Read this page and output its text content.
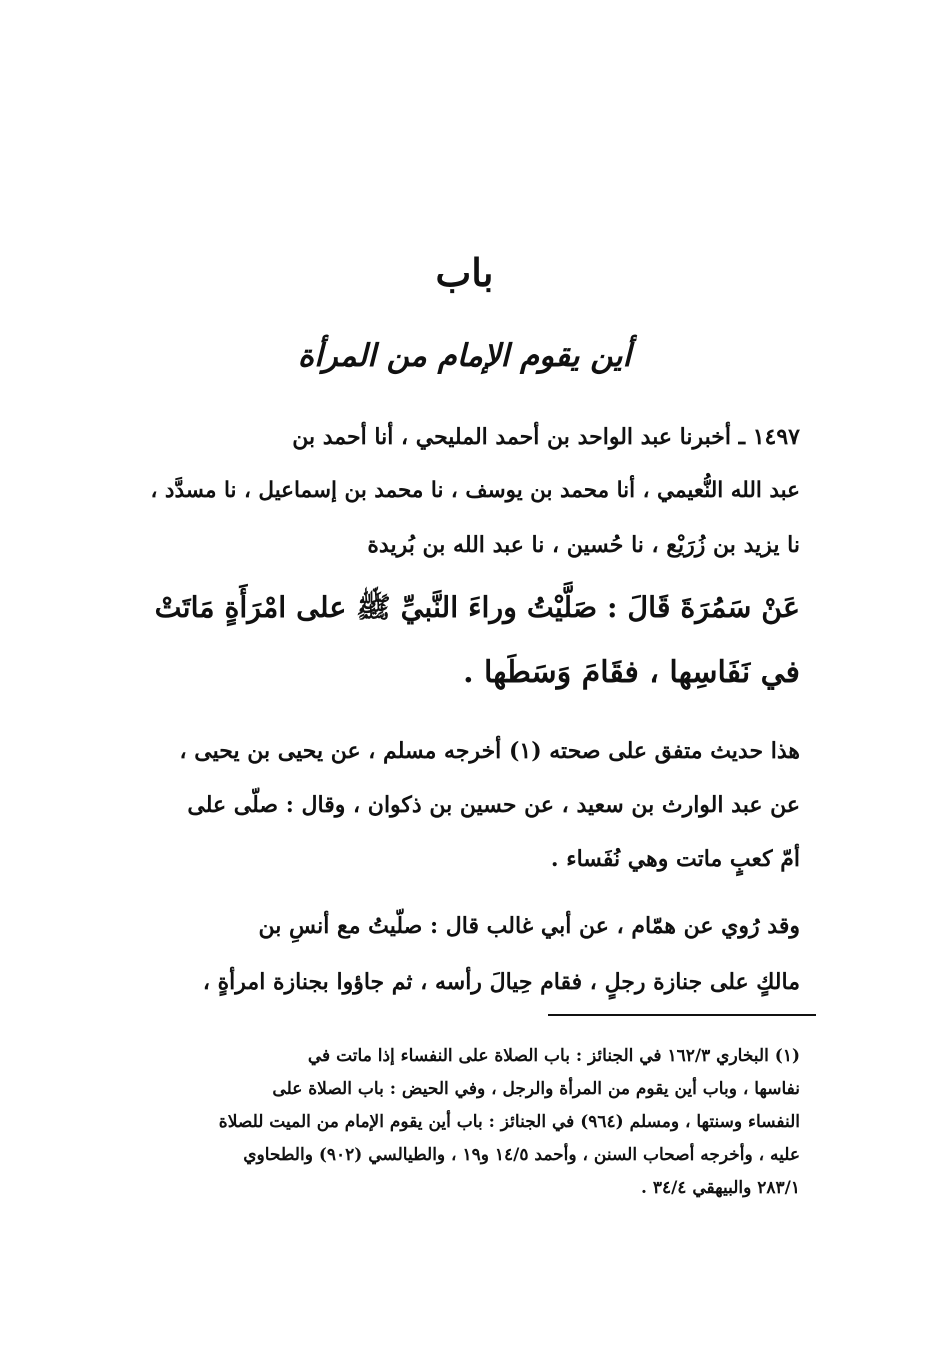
باب
أين يقوم الإمام من المرأة
١٤٩٧ ـ أخبرنا عبد الواحد بن أحمد المليحي ، أنا أحمد بن
عبد الله النُّعيمي ، أنا محمد بن يوسف ، نا محمد بن إسماعيل ، نا مسدَّد ،
نا يزيد بن زُرَيْع ، نا حُسين ، نا عبد الله بن بُريدة
عَنْ سَمُرَةَ قَالَ : صَلَّيْتُ وراءَ النَّبيِّ ﷺ على امْرَأَةٍ مَاتَتْ
في نَفَاسِها ، فقَامَ وَسَطَها .
هذا حديث متفق على صحته (١) أخرجه مسلم ، عن يحيى بن يحيى ،
عن عبد الوارث بن سعيد ، عن حسين بن ذكوان ، وقال : صلّى على
أمّ كعبٍ ماتت وهي نُفَساء .
وقد رُوي عن همّام ، عن أبي غالب قال : صلّيتُ مع أنسِ بن
مالكٍ على جنازة رجلٍ ، فقام حِيالَ رأسه ، ثم جاؤوا بجنازة امرأةٍ ،
(١) البخاري ١٦٢/٣ في الجنائز : باب الصلاة على النفساء إذا ماتت في
نفاسها ، وباب أين يقوم من المرأة والرجل ، وفي الحيض : باب الصلاة على
النفساء وسنتها ، ومسلم (٩٦٤) في الجنائز : باب أين يقوم الإمام من الميت للصلاة
عليه ، وأخرجه أصحاب السنن ، وأحمد ١٤/٥ و١٩ ، والطيالسي (٩٠٢) والطحاوي
٢٨٣/١ والبيهقي ٣٤/٤ .
